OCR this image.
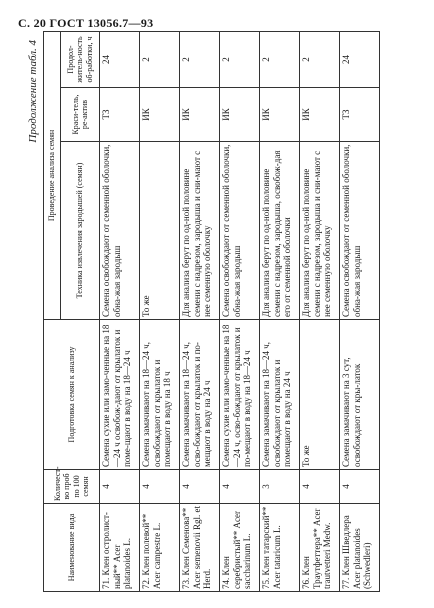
С. 20 ГОСТ 13056.7—93
Продолжение табл. 4
Наименование вида	Количест-во проб по 100 семян	Подготовка семян к анализу	Проведение анализа семян		
			Техника извлечения зародышей (семян)	Краси-тель, ре-актив	Продол-житель-ность об-работки, ч
71. Клен остролист-ный** Acer platanoides L.	4	Семена сухие или замо-ченные на 18—24 ч освобож-дают от крылаток и поме-щают в воду на 18—24 ч	Семена освобождают от семенной оболочки, обна-жая зародыш	ТЗ	24
72. Клен полевой** Acer campestre L.	4	Семена замачивают на 18—24 ч, освобождают от крылаток и помещают в воду на 18 ч	То же	ИК	2
73. Клен Семенова** Acer semenovii Rgl. et Herd.	4	Семена замачивают на 18—24 ч, осво-бождают от крылаток и по-мещают в воду на 24 ч	Для анализа берут по од-ной половине семени с надрезом, зародыша и сни-мают с нее семенную оболочку	ИК	2
74. Клен серебристый** Acer saccharinum L.	4	Семена сухие или замо-ченные на 18—24 ч, осво-бождают от крылаток и по-мещают в воду на 18—24 ч	Семена освобождают от семенной оболочки, обна-жая зародыш	ИК	2
75. Клен татарский** Acer tataricum L.	3	Семена замачивают на 18—24 ч, освобождают от крылаток и помещают в воду на 24 ч	Для анализа берут по од-ной половине семени с надрезом, зародыша, освобож-дая его от семенной оболочки	ИК	2
76. Клен Траутфеттера** Acer trautvetteri Medw.	4	То же	Для анализа берут по од-ной половине семени с надрезом, зародыша и сни-мают с нее семенную оболочку	ИК	2
77. Клен Шведлера Acer platanoides (Schwedleri)	4	Семена замачивают на 3 сут, освобождают от кры-латок	Семена освобождают от семенной оболочки, обна-жая зародыш	ТЗ	24
